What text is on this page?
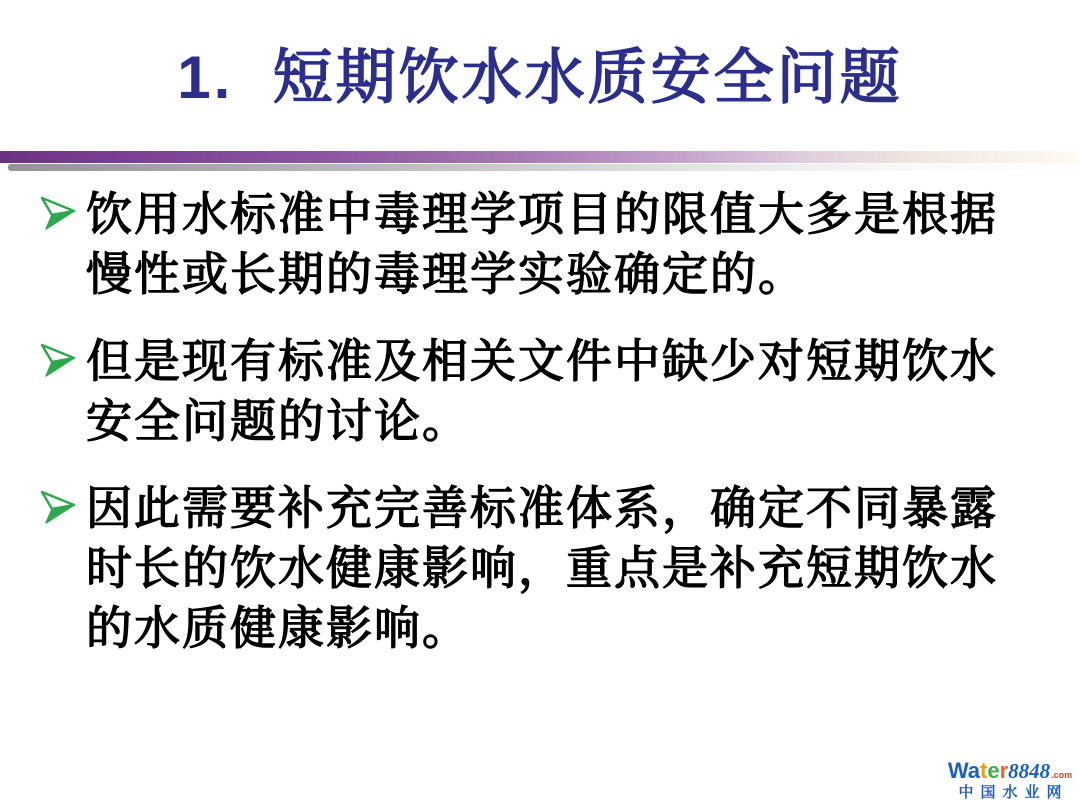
1.  短期饮水水质安全问题
饮用水标准中毒理学项目的限值大多是根据
慢性或长期的毒理学实验确定的。
但是现有标准及相关文件中缺少对短期饮水
安全问题的讨论。
因此需要补充完善标准体系，确定不同暴露
时长的饮水健康影响，重点是补充短期饮水
的水质健康影响。
Water 8848 .com
中国水业网
